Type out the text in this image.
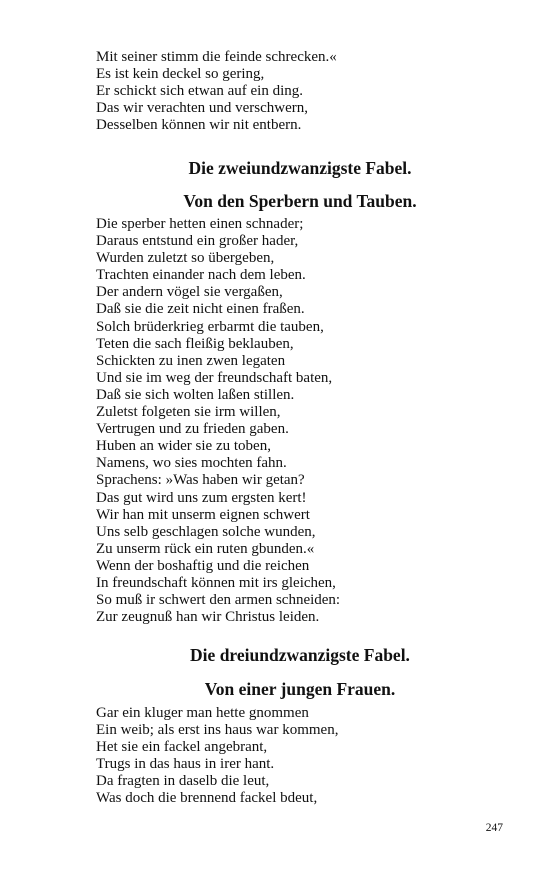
Mit seiner stimm die feinde schrecken.«
Es ist kein deckel so gering,
Er schickt sich etwan auf ein ding.
Das wir verachten und verschwern,
Desselben können wir nit entbern.
Die zweiundzwanzigste Fabel.
Von den Sperbern und Tauben.
Die sperber hetten einen schnader;
Daraus entstund ein großer hader,
Wurden zuletzt so übergeben,
Trachten einander nach dem leben.
Der andern vögel sie vergaßen,
Daß sie die zeit nicht einen fraßen.
Solch brüderkrieg erbarmt die tauben,
Teten die sach fleißig beklauben,
Schickten zu inen zwen legaten
Und sie im weg der freundschaft baten,
Daß sie sich wolten laßen stillen.
Zuletst folgeten sie irm willen,
Vertrugen und zu frieden gaben.
Huben an wider sie zu toben,
Namens, wo sies mochten fahn.
Sprachens: »Was haben wir getan?
Das gut wird uns zum ergsten kert!
Wir han mit unserm eignen schwert
Uns selb geschlagen solche wunden,
Zu unserm rück ein ruten gbunden.«
Wenn der boshaftig und die reichen
In freundschaft können mit irs gleichen,
So muß ir schwert den armen schneiden:
Zur zeugnuß han wir Christus leiden.
Die dreiundzwanzigste Fabel.
Von einer jungen Frauen.
Gar ein kluger man hette gnommen
Ein weib; als erst ins haus war kommen,
Het sie ein fackel angebrant,
Trugs in das haus in irer hant.
Da fragten in daselb die leut,
Was doch die brennend fackel bdeut,
247
